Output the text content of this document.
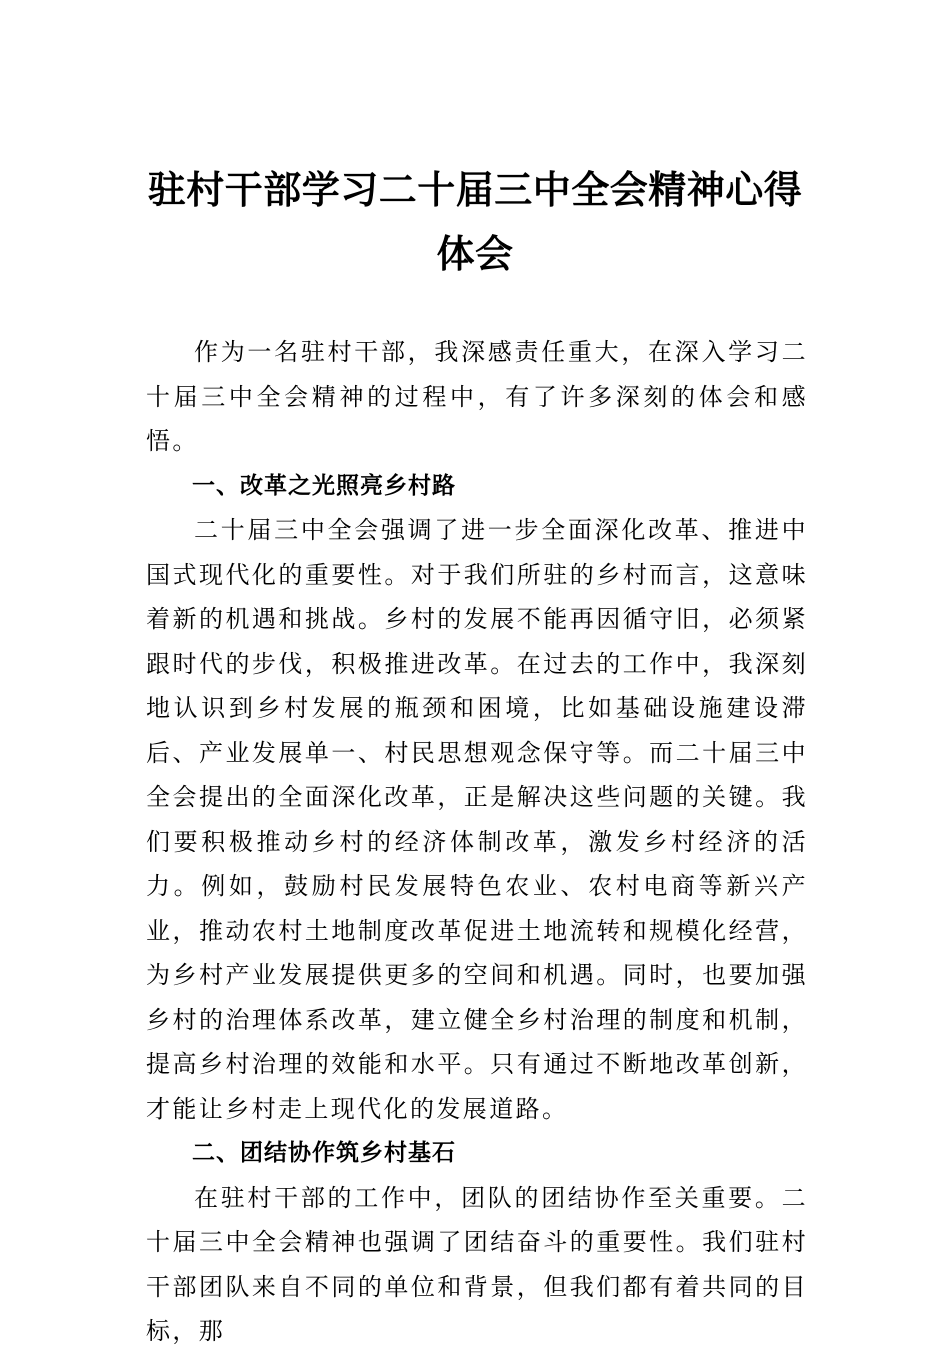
驻村干部学习二十届三中全会精神心得体会

作为一名驻村干部，我深感责任重大，在深入学习二十届三中全会精神的过程中，有了许多深刻的体会和感悟。

一、改革之光照亮乡村路

二十届三中全会强调了进一步全面深化改革、推进中国式现代化的重要性。对于我们所驻的乡村而言，这意味着新的机遇和挑战。乡村的发展不能再因循守旧，必须紧跟时代的步伐，积极推进改革。在过去的工作中，我深刻地认识到乡村发展的瓶颈和困境，比如基础设施建设滞后、产业发展单一、村民思想观念保守等。而二十届三中全会提出的全面深化改革，正是解决这些问题的关键。我们要积极推动乡村的经济体制改革，激发乡村经济的活力。例如，鼓励村民发展特色农业、农村电商等新兴产业，推动农村土地制度改革促进土地流转和规模化经营，为乡村产业发展提供更多的空间和机遇。同时，也要加强乡村的治理体系改革，建立健全乡村治理的制度和机制，提高乡村治理的效能和水平。只有通过不断地改革创新，才能让乡村走上现代化的发展道路。

二、团结协作筑乡村基石

在驻村干部的工作中，团队的团结协作至关重要。二十届三中全会精神也强调了团结奋斗的重要性。我们驻村干部团队来自不同的单位和背景，但我们都有着共同的目标，那
